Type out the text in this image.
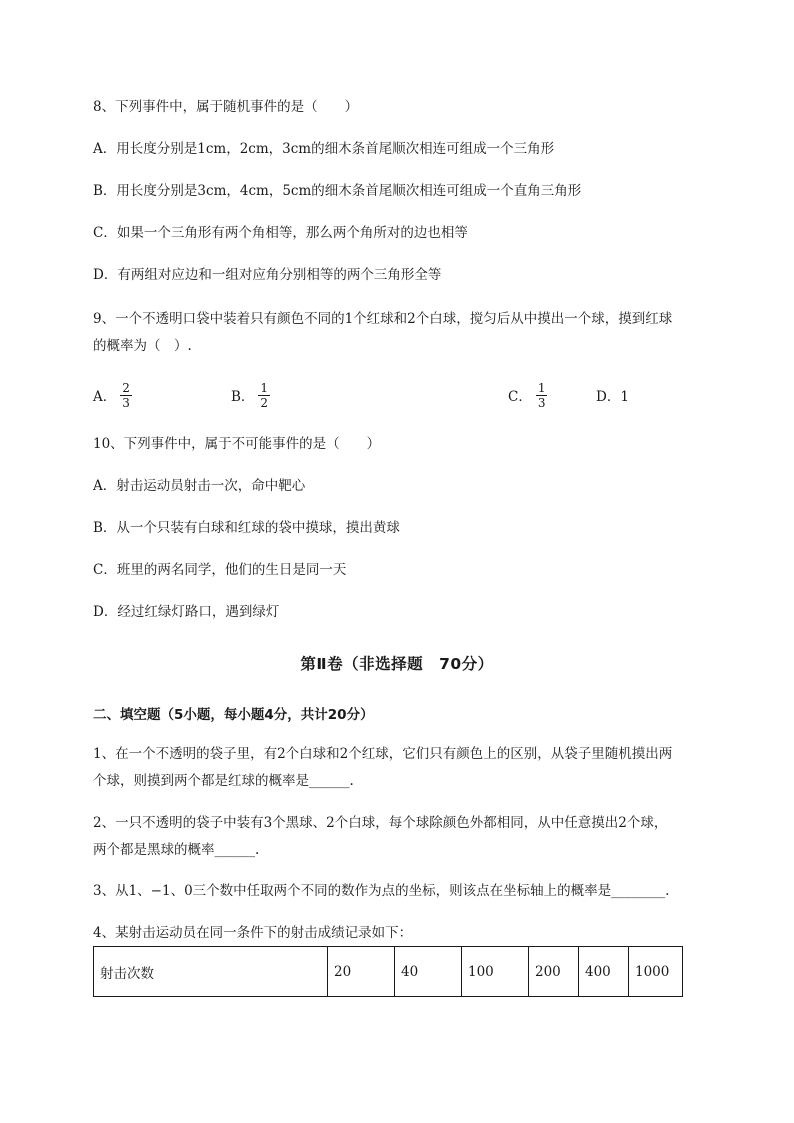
8、下列事件中，属于随机事件的是（　　）
A．用长度分别是1cm，2cm，3cm的细木条首尾顺次相连可组成一个三角形
B．用长度分别是3cm，4cm，5cm的细木条首尾顺次相连可组成一个直角三角形
C．如果一个三角形有两个角相等，那么两个角所对的边也相等
D．有两组对应边和一组对应角分别相等的两个三角形全等
9、一个不透明口袋中装着只有颜色不同的1个红球和2个白球，搅匀后从中摸出一个球，摸到红球
的概率为（　）.
A． $\frac{2}{3}$	B． $\frac{1}{2}$	C． $\frac{1}{3}$	D．1
10、下列事件中，属于不可能事件的是（　　）
A．射击运动员射击一次，命中靶心
B．从一个只装有白球和红球的袋中摸球，摸出黄球
C．班里的两名同学，他们的生日是同一天
D．经过红绿灯路口，遇到绿灯
第Ⅱ卷（非选择题　70分）
二、填空题（5小题，每小题4分，共计20分）
1、在一个不透明的袋子里，有2个白球和2个红球，它们只有颜色上的区别，从袋子里随机摸出两
个球，则摸到两个都是红球的概率是______.
2、一只不透明的袋子中装有3个黑球、2个白球，每个球除颜色外都相同，从中任意摸出2个球，
两个都是黑球的概率______.
3、从1、−1、0三个数中任取两个不同的数作为点的坐标，则该点在坐标轴上的概率是________.
4、某射击运动员在同一条件下的射击成绩记录如下：
射击次数	20	40	100	200	400	1000
